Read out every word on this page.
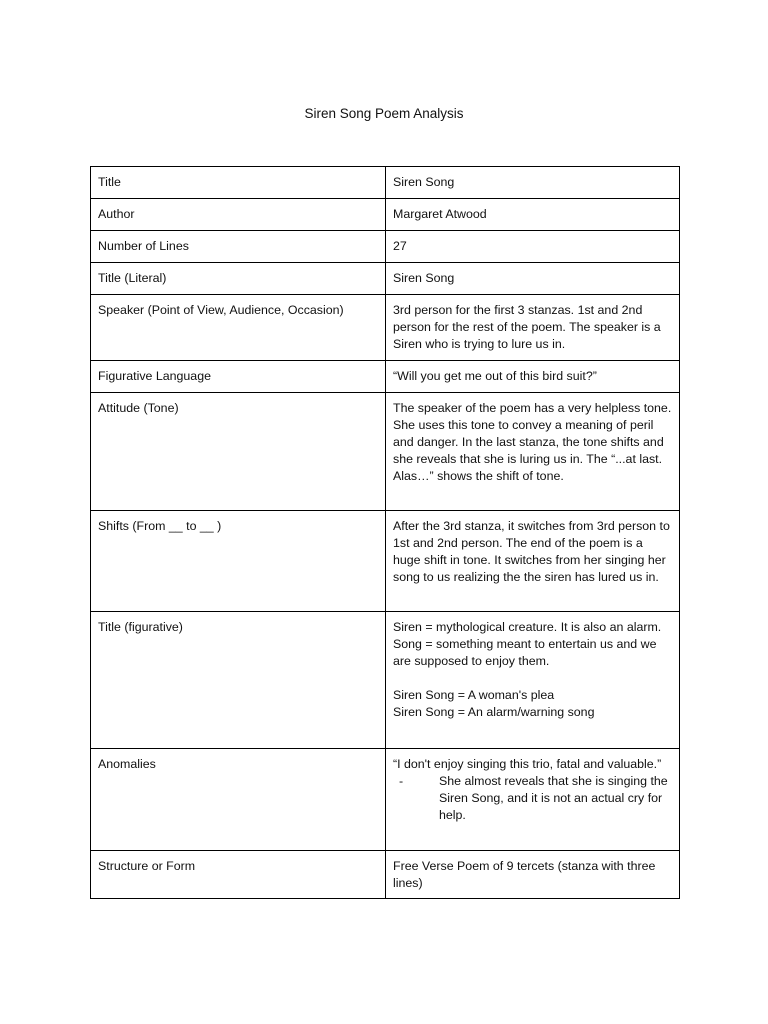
Siren Song Poem Analysis
Title	Siren Song
Author	Margaret Atwood
Number of Lines	27
Title (Literal)	Siren Song
Speaker (Point of View, Audience, Occasion)	3rd person for the first 3 stanzas. 1st and 2nd person for the rest of the poem. The speaker is a Siren who is trying to lure us in.
Figurative Language	“Will you get me out of this bird suit?”
Attitude (Tone)	The speaker of the poem has a very helpless tone. She uses this tone to convey a meaning of peril and danger. In the last stanza, the tone shifts and she reveals that she is luring us in. The “...at last. Alas…” shows the shift of tone.
Shifts (From __ to __ )	After the 3rd stanza, it switches from 3rd person to 1st and 2nd person. The end of the poem is a huge shift in tone. It switches from her singing her song to us realizing the the siren has lured us in.
Title (figurative)	Siren = mythological creature. It is also an alarm.
Song = something meant to entertain us and we are supposed to enjoy them.
Siren Song = A woman's plea
Siren Song = An alarm/warning song

Anomalies	“I don't enjoy singing this trio, fatal and valuable.”
- She almost reveals that she is singing the Siren Song, and it is not an actual cry for help.

Structure or Form	Free Verse Poem of 9 tercets (stanza with three lines)
